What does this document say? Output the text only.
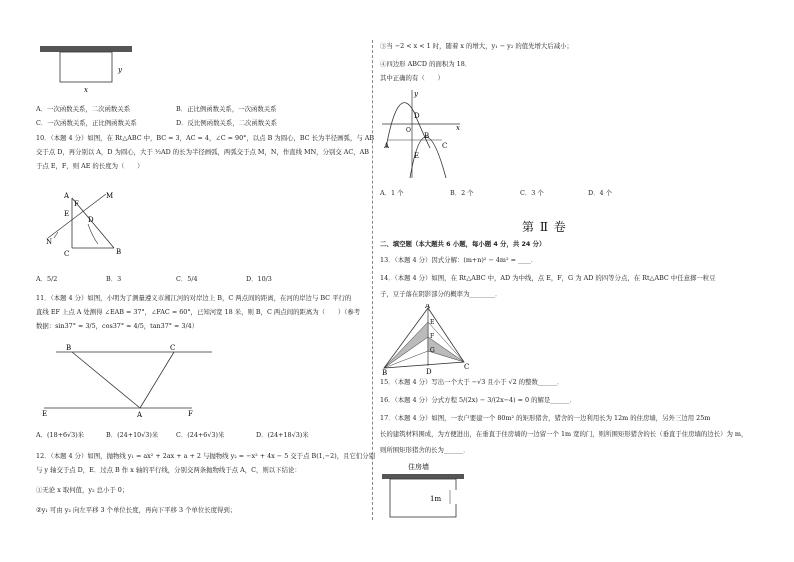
y
x
A．一次函数关系，二次函数关系	B．正比例函数关系，一次函数关系
C．一次函数关系，正比例函数关系	D．反比例函数关系，二次函数关系
10．（本题 4 分）如图，在 Rt△ABC 中，BC = 3，AC = 4，∠C = 90°，以点 B 为圆心，BC 长为半径画弧，与 AB
交于点 D，再分别以 A，D 为圆心，大于 ½AD 的长为半径画弧，两弧交于点 M，N，作直线 MN，分别交 AC，AB
于点 E，F，则 AE 的长度为（　　）
M
A
F
E
D
N
C	B
A．5/2	B．3	C．5/4	D．10/3
11．（本题 4 分）如图，小明为了测量遵义市湘江河的对岸边上 B，C 两点间的距离，在河的岸边与 BC 平行的
直线 EF 上点 A 处测得 ∠EAB = 37°，∠FAC = 60°，已知河宽 18 米，则 B，C 两点间的距离为（　　）（参考
数据：sin37° ≈ 3/5，cos37° ≈ 4/5，tan37° ≈ 3/4）
B	C
E	A	F
A．(18+6√3)米	B．(24+10√3)米	C．(24+6√3)米	D．(24+18√3)米
12．（本题 4 分）如图，抛物线 y₁ = ax² + 2ax + a + 2 与抛物线 y₂ = −x² + 4x − 5 交于点 B(1,−2)，且它们分别
与 y 轴交于点 D，E．过点 B 作 x 轴的平行线，分别交两条抛物线于点 A，C，则以下结论：
①无论 x 取何值，y₂ 总小于 0；
②y₁ 可由 y₂ 向左平移 3 个单位长度，再向下平移 3 个单位长度得到；
③当 −2 < x < 1 时，随着 x 的增大，y₁ − y₂ 的值先增大后减小；
④四边形 ABCD 的面积为 18．
其中正确的有（　　）
y
D
O	x
A
B
C
E
A．1 个	B．2 个	C．3 个	D．4 个
第 Ⅱ 卷
二、填空题（本大题共 6 小题，每小题 4 分，共 24 分）
13．（本题 4 分）因式分解：(m+n)² − 4m² = ____．
14．（本题 4 分）如图，在 Rt△ABC 中，AD 为中线，点 E，F，G 为 AD 的四等分点，在 Rt△ABC 中任意掷一粒豆
子，豆子落在阴影部分的概率为________．
A
E
F
G
B	D
C
15．（本题 4 分）写出一个大于 −√3 且小于 √2 的整数______．
16．（本题 4 分）分式方程 5/(2x) − 3/(2x−4) = 0 的解是______．
17．（本题 4 分）如图，一农户要建一个 80m² 的矩形猪舍，猪舍的一边利用长为 12m 的住房墙，另外三边用 25m
长的建筑材料围成，为方便进出，在垂直于住房墙的一边留一个 1m 宽的门，则所围矩形猪舍的长（垂直于住房墙的边长）为 m，
则所围矩形猪舍的长为______．
住房墙
1m
